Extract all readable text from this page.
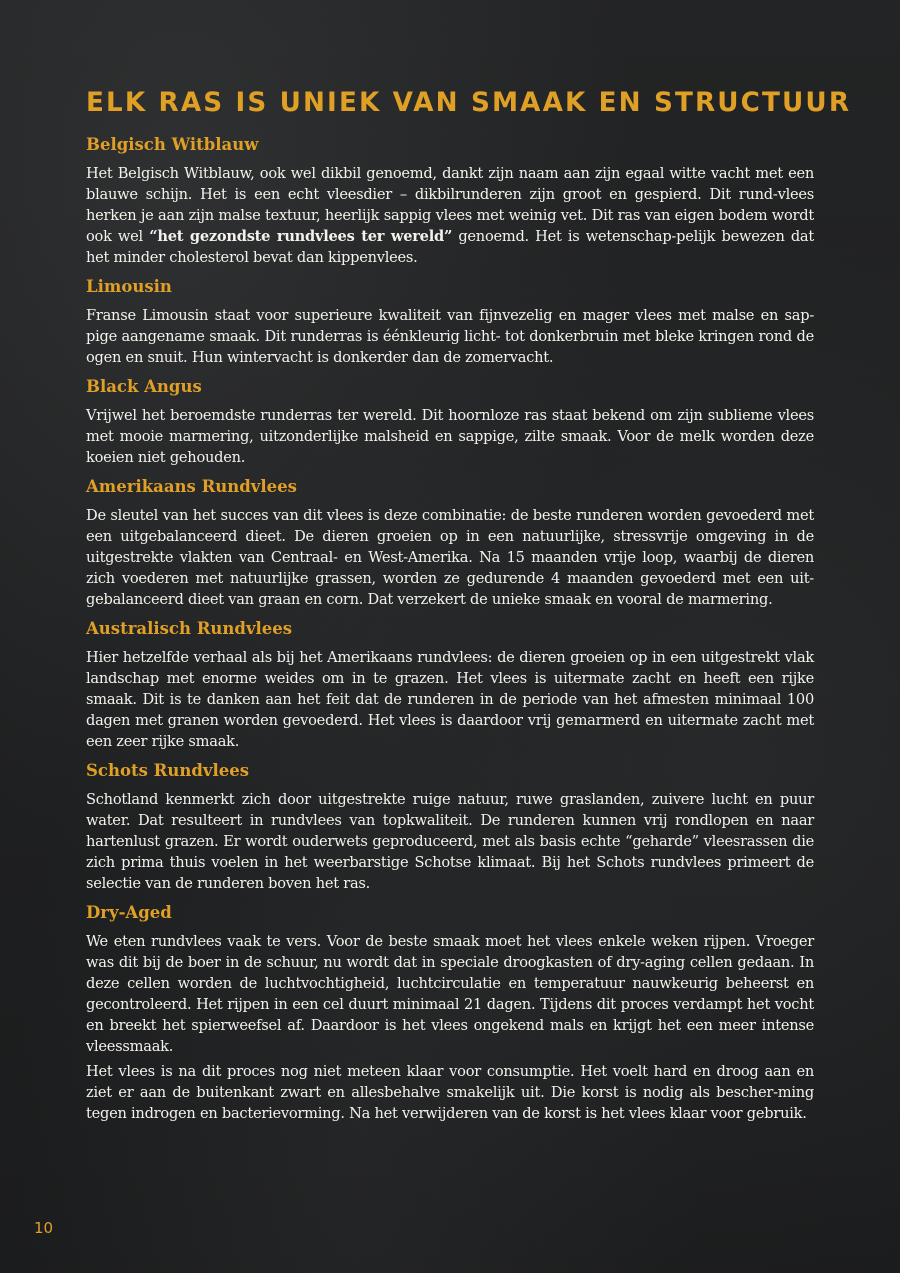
ELK RAS IS UNIEK VAN SMAAK EN STRUCTUUR
Belgisch Witblauw

Het Belgisch Witblauw, ook wel dikbil genoemd, dankt zijn naam aan zijn egaal witte vacht met een blauwe schijn. Het is een echt vleesdier – dikbilrunderen zijn groot en gespierd. Dit rund-vlees herken je aan zijn malse textuur, heerlijk sappig vlees met weinig vet. Dit ras van eigen bodem wordt ook wel “het gezondste rundvlees ter wereld” genoemd. Het is wetenschap-pelijk bewezen dat het minder cholesterol bevat dan kippenvlees.

Limousin

Franse Limousin staat voor superieure kwaliteit van fijnvezelig en mager vlees met malse en sap-pige aangename smaak. Dit runderras is éénkleurig licht- tot donkerbruin met bleke kringen rond de ogen en snuit. Hun wintervacht is donkerder dan de zomervacht.

Black Angus

Vrijwel het beroemdste runderras ter wereld. Dit hoornloze ras staat bekend om zijn sublieme vlees met mooie marmering, uitzonderlijke malsheid en sappige, zilte smaak. Voor de melk worden deze koeien niet gehouden.

Amerikaans Rundvlees

De sleutel van het succes van dit vlees is deze combinatie: de beste runderen worden gevoederd met een uitgebalanceerd dieet. De dieren groeien op in een natuurlijke, stressvrije omgeving in de uitgestrekte vlakten van Centraal- en West-Amerika. Na 15 maanden vrije loop, waarbij de dieren zich voederen met natuurlijke grassen, worden ze gedurende 4 maanden gevoederd met een uit-gebalanceerd dieet van graan en corn. Dat verzekert de unieke smaak en vooral de marmering.

Australisch Rundvlees

Hier hetzelfde verhaal als bij het Amerikaans rundvlees: de dieren groeien op in een uitgestrekt vlak landschap met enorme weides om in te grazen. Het vlees is uitermate zacht en heeft een rijke smaak. Dit is te danken aan het feit dat de runderen in de periode van het afmesten minimaal 100 dagen met granen worden gevoederd. Het vlees is daardoor vrij gemarmerd en uitermate zacht met een zeer rijke smaak.

Schots Rundvlees

Schotland kenmerkt zich door uitgestrekte ruige natuur, ruwe graslanden, zuivere lucht en puur water. Dat resulteert in rundvlees van topkwaliteit. De runderen kunnen vrij rondlopen en naar hartenlust grazen. Er wordt ouderwets geproduceerd, met als basis echte “geharde” vleesrassen die zich prima thuis voelen in het weerbarstige Schotse klimaat. Bij het Schots rundvlees primeert de selectie van de runderen boven het ras.

Dry-Aged

We eten rundvlees vaak te vers. Voor de beste smaak moet het vlees enkele weken rijpen. Vroeger was dit bij de boer in de schuur, nu wordt dat in speciale droogkasten of dry-aging cellen gedaan. In deze cellen worden de luchtvochtigheid, luchtcirculatie en temperatuur nauwkeurig beheerst en gecontroleerd. Het rijpen in een cel duurt minimaal 21 dagen. Tijdens dit proces verdampt het vocht en breekt het spierweefsel af. Daardoor is het vlees ongekend mals en krijgt het een meer intense vleessmaak.

Het vlees is na dit proces nog niet meteen klaar voor consumptie. Het voelt hard en droog aan en ziet er aan de buitenkant zwart en allesbehalve smakelijk uit. Die korst is nodig als bescher-ming tegen indrogen en bacterievorming. Na het verwijderen van de korst is het vlees klaar voor gebruik.

10
